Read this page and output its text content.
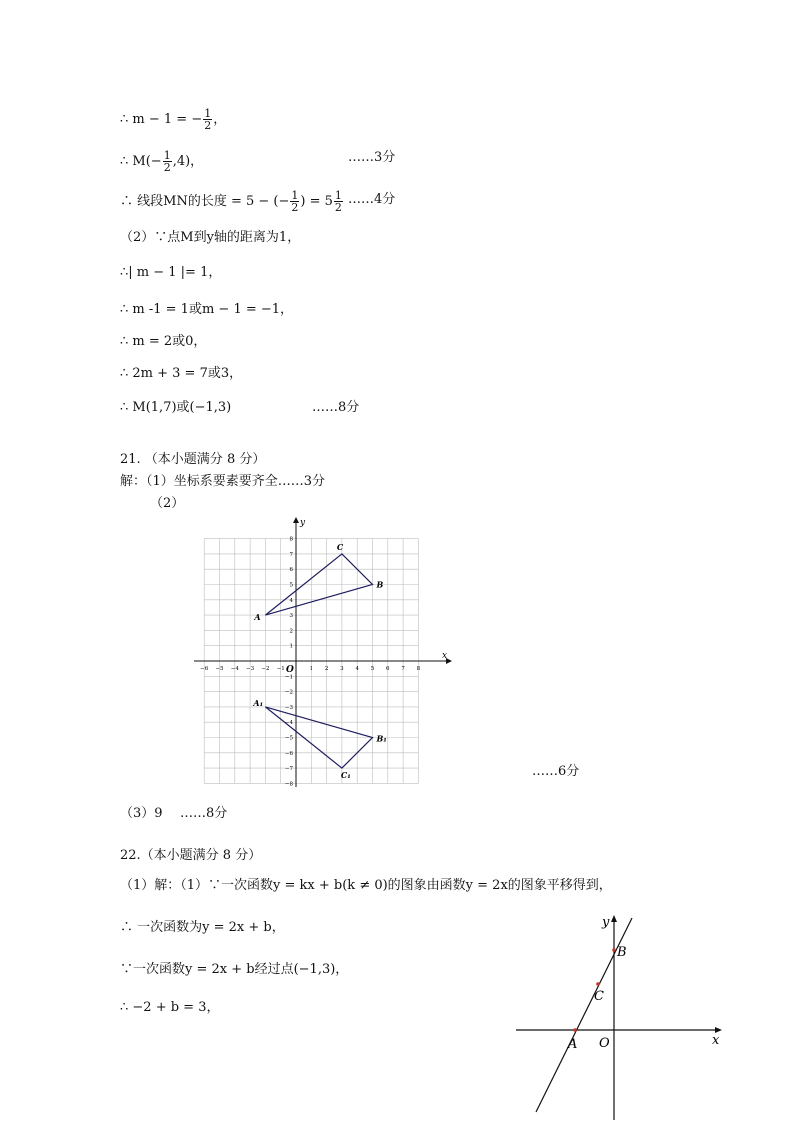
∴ m − 1 = − $\frac{1}{2}$ ，
∴ $M(- \frac{1}{2} ,4)$，	……3分
∴ 线段MN的长度 = 5 − (− $\frac{1}{2}$ ) = $5 \frac{1}{2}$ ……4分
（2）∵点M到y轴的距离为1，
∴| m − 1 |= 1，
∴ m -1 = 1或m − 1 = −1，
∴ m = 2或0，
∴ 2m + 3 = 7或3，
∴ M(1,7)或(−1,3)	……8分
21. （本小题满分 8 分）
解：（1）坐标系要素要齐全……3分
（2）
x
y
O
−6 −5 −4 −3 −2 −1	1 2 3 4 5 6 7 8
8
7
6
5
4
3
2
1
−1
−2
−3
−4
−5
−6
−7
−8
A
B
C
A₁
B₁
C₁	……6分
（3）9 ……8分
22.（本小题满分 8 分）
（1）解：（1）∵一次函数y = kx + b(k ≠ 0)的图象由函数y = 2x的图象平移得到，
∴ 一次函数为y = 2x + b，
∵一次函数y = 2x + b经过点(−1,3)，
∴ −2 + b = 3，
x
y
O
A
B
C
